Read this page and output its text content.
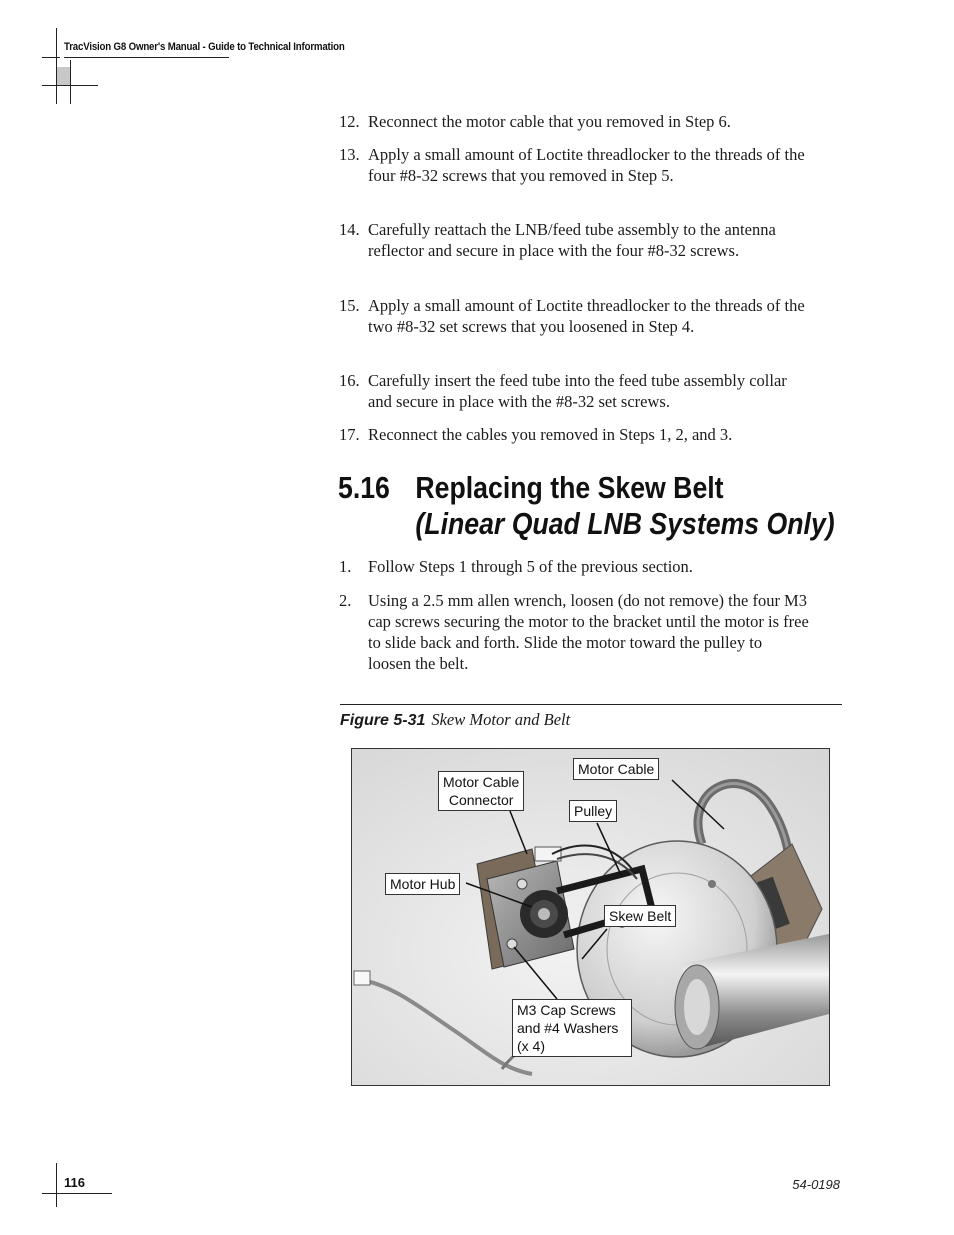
TracVision G8 Owner's Manual - Guide to Technical Information
12. Reconnect the motor cable that you removed in Step 6.
13. Apply a small amount of Loctite threadlocker to the threads of the four #8-32 screws that you removed in Step 5.
14. Carefully reattach the LNB/feed tube assembly to the antenna reflector and secure in place with the four #8-32 screws.
15. Apply a small amount of Loctite threadlocker to the threads of the two #8-32 set screws that you loosened in Step 4.
16. Carefully insert the feed tube into the feed tube assembly collar and secure in place with the #8-32 set screws.
17. Reconnect the cables you removed in Steps 1, 2, and 3.
5.16 Replacing the Skew Belt
(Linear Quad LNB Systems Only)
1.	Follow Steps 1 through 5 of the previous section.
2.	Using a 2.5 mm allen wrench, loosen (do not remove) the four M3 cap screws securing the motor to the bracket until the motor is free to slide back and forth. Slide the motor toward the pulley to loosen the belt.
Figure 5-31 Skew Motor and Belt
Motor Cable
Connector
Motor Cable
Pulley
Motor Hub
Skew Belt
M3 Cap Screws
and #4 Washers
(x 4)
116	54-0198
